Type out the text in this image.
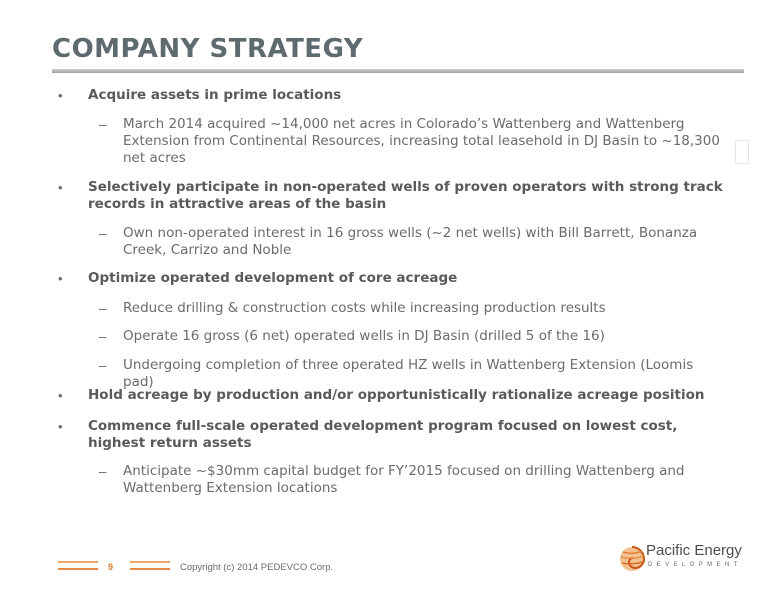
COMPANY STRATEGY
• Acquire assets in prime locations
– March 2014 acquired ~14,000 net acres in Colorado’s Wattenberg and Wattenberg Extension from Continental Resources, increasing total leasehold in DJ Basin to ~18,300 net acres
• Selectively participate in non-operated wells of proven operators with strong track records in attractive areas of the basin
– Own non-operated interest in 16 gross wells (~2 net wells) with Bill Barrett, Bonanza Creek, Carrizo and Noble
• Optimize operated development of core acreage
– Reduce drilling & construction costs while increasing production results
– Operate 16 gross (6 net) operated wells in DJ Basin (drilled 5 of the 16)
– Undergoing completion of three operated HZ wells in Wattenberg Extension (Loomis pad)
• Hold acreage by production and/or opportunistically rationalize acreage position
• Commence full-scale operated development program focused on lowest cost, highest return assets
– Anticipate ~$30mm capital budget for FY’2015 focused on drilling Wattenberg and Wattenberg Extension locations
9	Copyright (c) 2014 PEDEVCO Corp.
Pacific Energy
DEVELOPMENT
